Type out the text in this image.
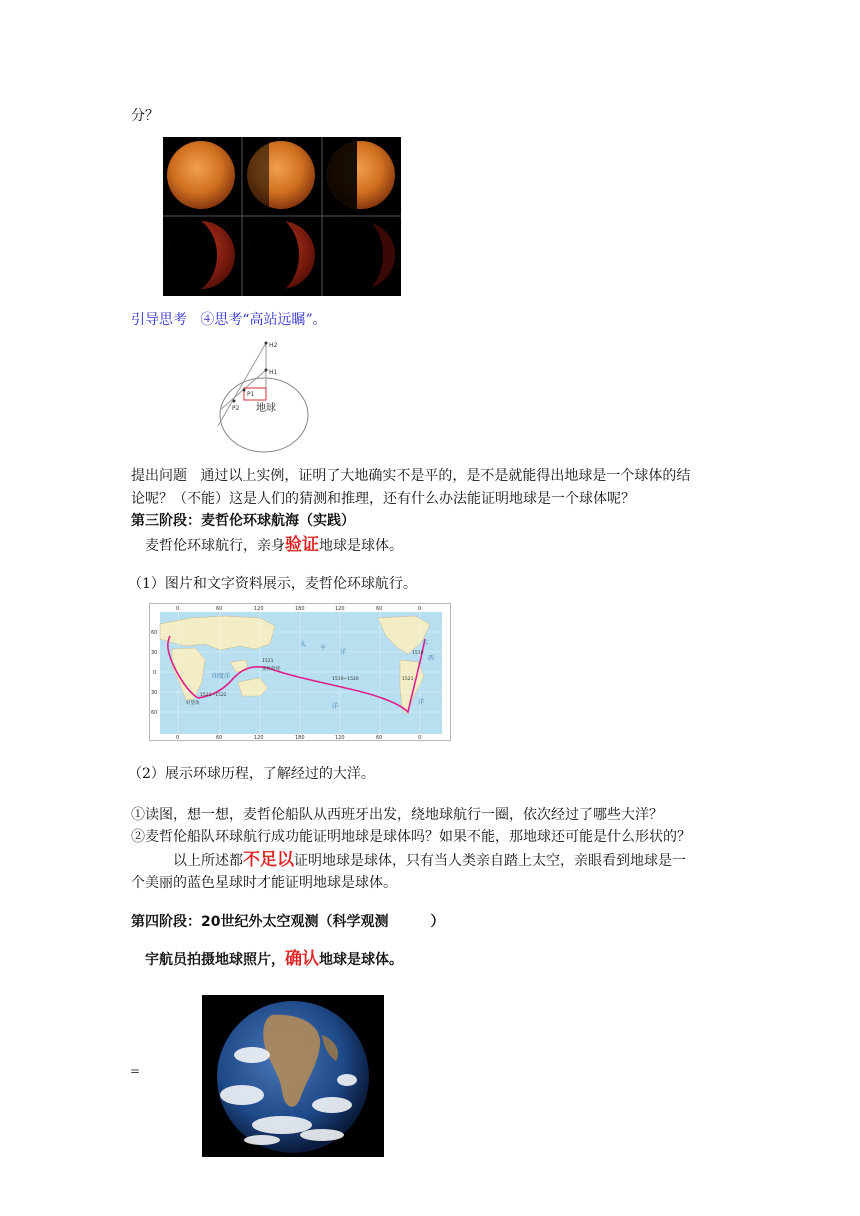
分？
引导思考 ④思考“高站远瞩”。
H2
H1
P1
P2 地球
提出问题 通过以上实例，证明了大地确实不是平的，是不是就能得出地球是一个球体的结
论呢？（不能）这是人们的猜测和推理，还有什么办法能证明地球是一个球体呢？
第三阶段：麦哲伦环球航海（实践）
麦哲伦环球航行，亲身验证地球是球体。
（1）图片和文字资料展示，麦哲伦环球航行。
0	60	120	180	120	60	0
0	60	120	180	120	60	0
60
30
0
30
60
太
平
洋
印度洋
大
西
洋
洋
好望角
1521~1522
1519~1520
1521
麦哲伦死
1519
1521
（2）展示环球历程，了解经过的大洋。
①读图，想一想，麦哲伦船队从西班牙出发，绕地球航行一圈，依次经过了哪些大洋？
②麦哲伦船队环球航行成功能证明地球是球体吗？如果不能，那地球还可能是什么形状的？
以上所述都不足以证明地球是球体，只有当人类亲自踏上太空，亲眼看到地球是一
个美丽的蓝色星球时才能证明地球是球体。
第四阶段：20世纪外太空观测（科学观测　　　）
宇航员拍摄地球照片，确认地球是球体。
=
